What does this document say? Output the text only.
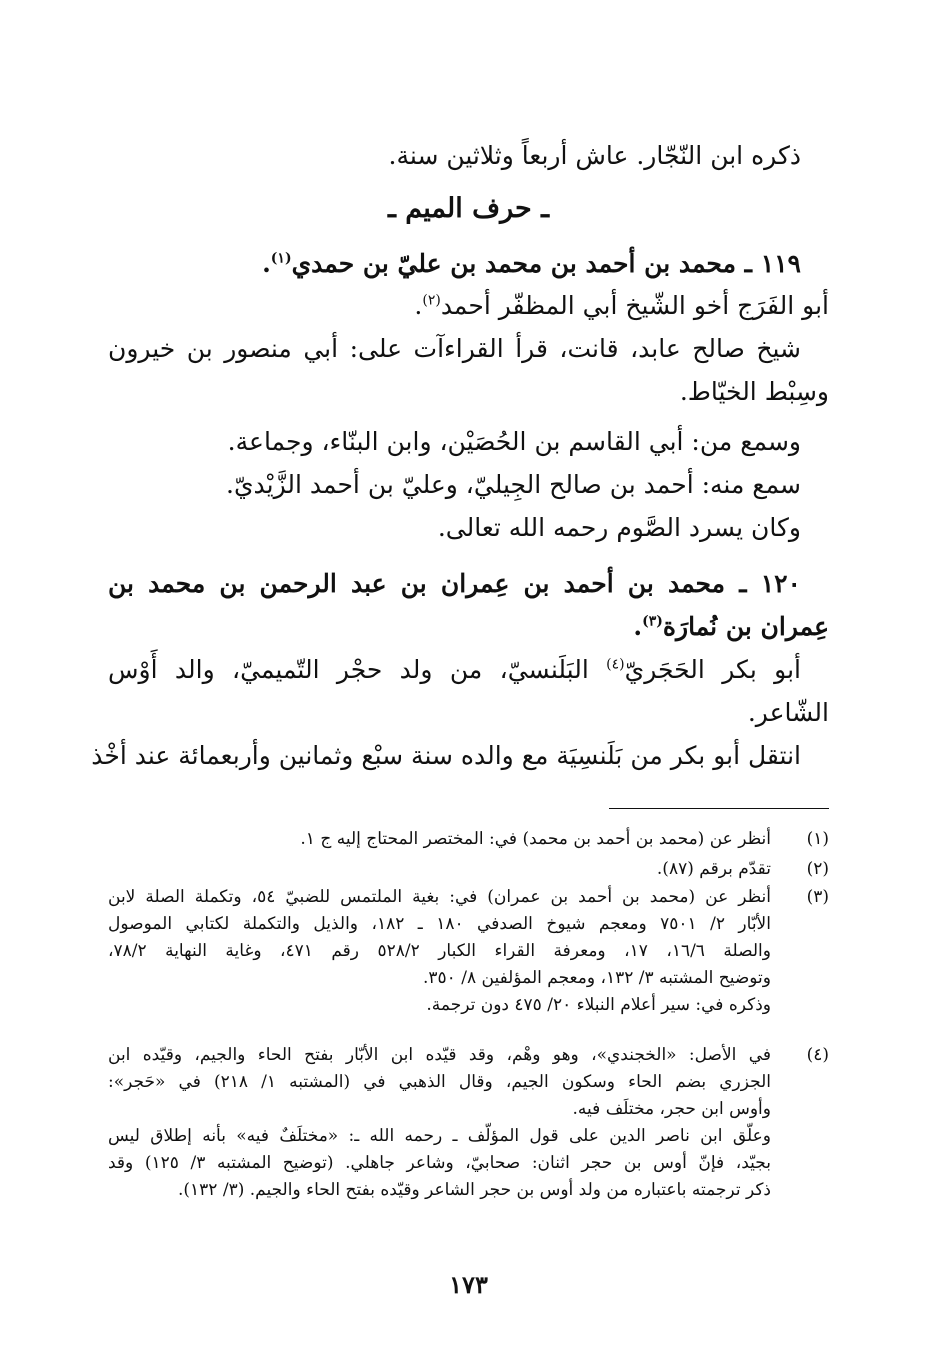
ذكره ابن النّجّار. عاش أربعاً وثلاثين سنة.
ـ حرف الميم ـ
١١٩ ـ محمد بن أحمد بن محمد بن عليّ بن حمدي$^{(١)}$.
أبو الفَرَج أخو الشّيخ أبي المظفّر أحمد$^{(٢)}$.
شيخ صالح عابد، قانت، قرأ القراءآت على: أبي منصور بن خيرون
وسِبْط الخيّاط.
وسمع من: أبي القاسم بن الحُصَيْن، وابن البنّاء، وجماعة.
سمع منه: أحمد بن صالح الجِيليّ، وعليّ بن أحمد الزَّيْديّ.
وكان يسرد الصَّوم رحمه الله تعالى.
١٢٠ ـ محمد بن أحمد بن عِمران بن عبد الرحمن بن محمد بن
عِمران بن نُمارَة$^{(٣)}$.
أبو بكر الحَجَريّ$^{(٤)}$ البَلَنسيّ، من ولد حجْر التّميميّ، والد أَوْس
الشّاعر.
انتقل أبو بكر من بَلَنسِيَة مع والده سنة سبْع وثمانين وأربعمائة عند أخْذ
(١)
أنظر عن (محمد بن أحمد بن محمد) في: المختصر المحتاج إليه ج ١.
(٢)
تقدّم برقم (٨٧).
(٣)
أنظر عن (محمد بن أحمد بن عمران) في: بغية الملتمس للضبيّ ٥٤، وتكملة الصلة لابن
الأبّار ٢/ ٧٥٠١ ومعجم شيوخ الصدفي ١٨٠ ـ ١٨٢، والذيل والتكملة لكتابي الموصول
والصلة ١٦/٦، ١٧، ومعرفة القراء الكبار ٥٢٨/٢ رقم ٤٧١، وغاية النهاية ٧٨/٢،
وتوضيح المشتبه ٣/ ١٣٢، ومعجم المؤلفين ٨/ ٣٥٠.
وذكره في: سير أعلام النبلاء ٢٠/ ٤٧٥ دون ترجمة.
(٤)
في الأصل: «الخجندي»، وهو وهْم، وقد قيّده ابن الأبّار بفتح الحاء والجيم، وقيّده ابن
الجزري بضم الحاء وسكون الجيم، وقال الذهبي في (المشتبه ١/ ٢١٨) في «حَجر»:
وأوس ابن حجر، مختلَف فيه.
وعلّق ابن ناصر الدين على قول المؤلّف ـ رحمه الله ـ: «مختلَفٌ فيه» بأنه إطلاق ليس
بجيّد، فإنّ أوس بن حجر اثنان: صحابيّ، وشاعر جاهلي. (توضيح المشتبه ٣/ ١٢٥) وقد
ذكر ترجمته باعتباره من ولد أوس بن حجر الشاعر وقيّده بفتح الحاء والجيم. (٣/ ١٣٢).
١٧٣
